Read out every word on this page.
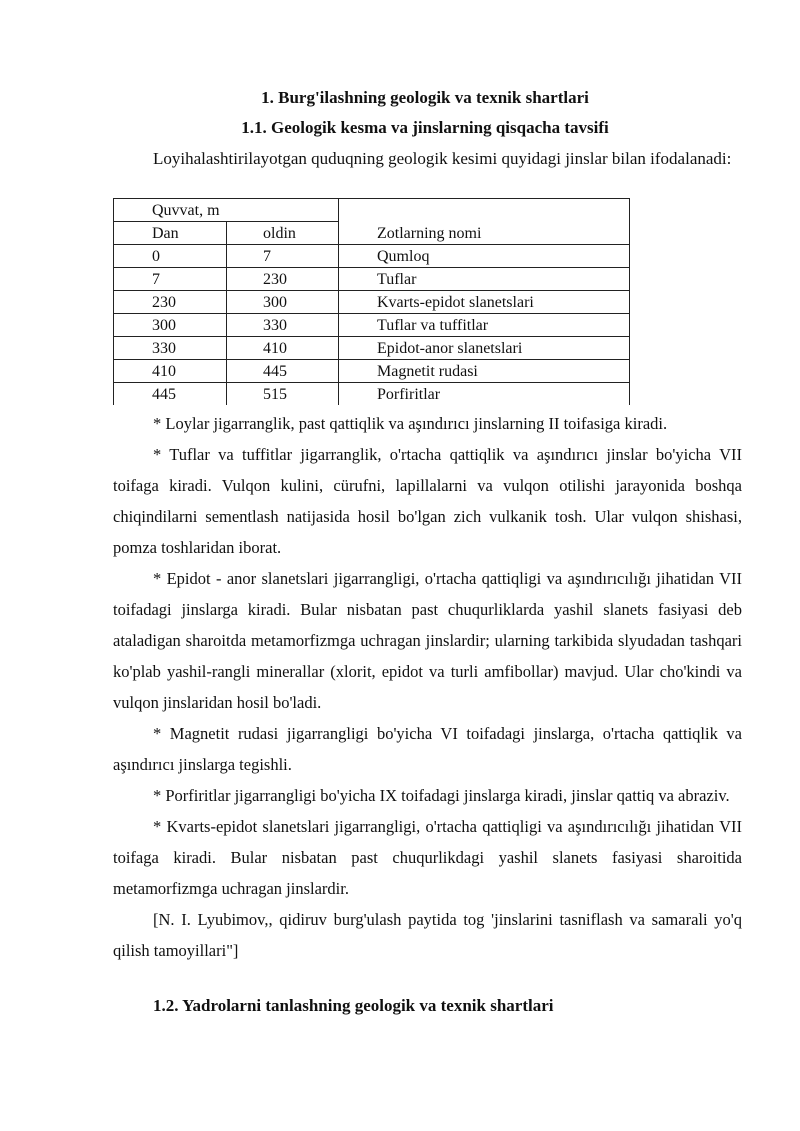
1. Burg'ilashning geologik va texnik shartlari
1.1. Geologik kesma va jinslarning qisqacha tavsifi

Loyihalashtirilayotgan quduqning geologik kesimi quyidagi jinslar bilan ifodalanadi:

Quvvat, m		Zotlarning nomi
Dan	oldin	
0	7	Qumloq
7	230	Tuflar
230	300	Kvarts-epidot slanetslari
300	330	Tuflar va tuffitlar
330	410	Epidot-anor slanetslari
410	445	Magnetit rudasi
445	515	Porfiritlar

* Loylar jigarranglik, past qattiqlik va aşındırıcı jinslarning II toifasiga kiradi.

* Tuflar va tuffitlar jigarranglik, o'rtacha qattiqlik va aşındırıcı jinslar bo'yicha VII toifaga kiradi. Vulqon kulini, cürufni, lapillalarni va vulqon otilishi jarayonida boshqa chiqindilarni sementlash natijasida hosil bo'lgan zich vulkanik tosh. Ular vulqon shishasi, pomza toshlaridan iborat.

* Epidot - anor slanetslari jigarrangligi, o'rtacha qattiqligi va aşındırıcılığı jihatidan VII toifadagi jinslarga kiradi. Bular nisbatan past chuqurliklarda yashil slanets fasiyasi deb ataladigan sharoitda metamorfizmga uchragan jinslardir; ularning tarkibida slyudadan tashqari ko'plab yashil-rangli minerallar (xlorit, epidot va turli amfibollar) mavjud. Ular cho'kindi va vulqon jinslaridan hosil bo'ladi.

* Magnetit rudasi jigarrangligi bo'yicha VI toifadagi jinslarga, o'rtacha qattiqlik va aşındırıcı jinslarga tegishli.

* Porfiritlar jigarrangligi bo'yicha IX toifadagi jinslarga kiradi, jinslar qattiq va abraziv.

* Kvarts-epidot slanetslari jigarrangligi, o'rtacha qattiqligi va aşındırıcılığı jihatidan VII toifaga kiradi. Bular nisbatan past chuqurlikdagi yashil slanets fasiyasi sharoitida metamorfizmga uchragan jinslardir.

[N. I. Lyubimov,, qidiruv burg'ulash paytida tog 'jinslarini tasniflash va samarali yo'q qilish tamoyillari"]

1.2. Yadrolarni tanlashning geologik va texnik shartlari
